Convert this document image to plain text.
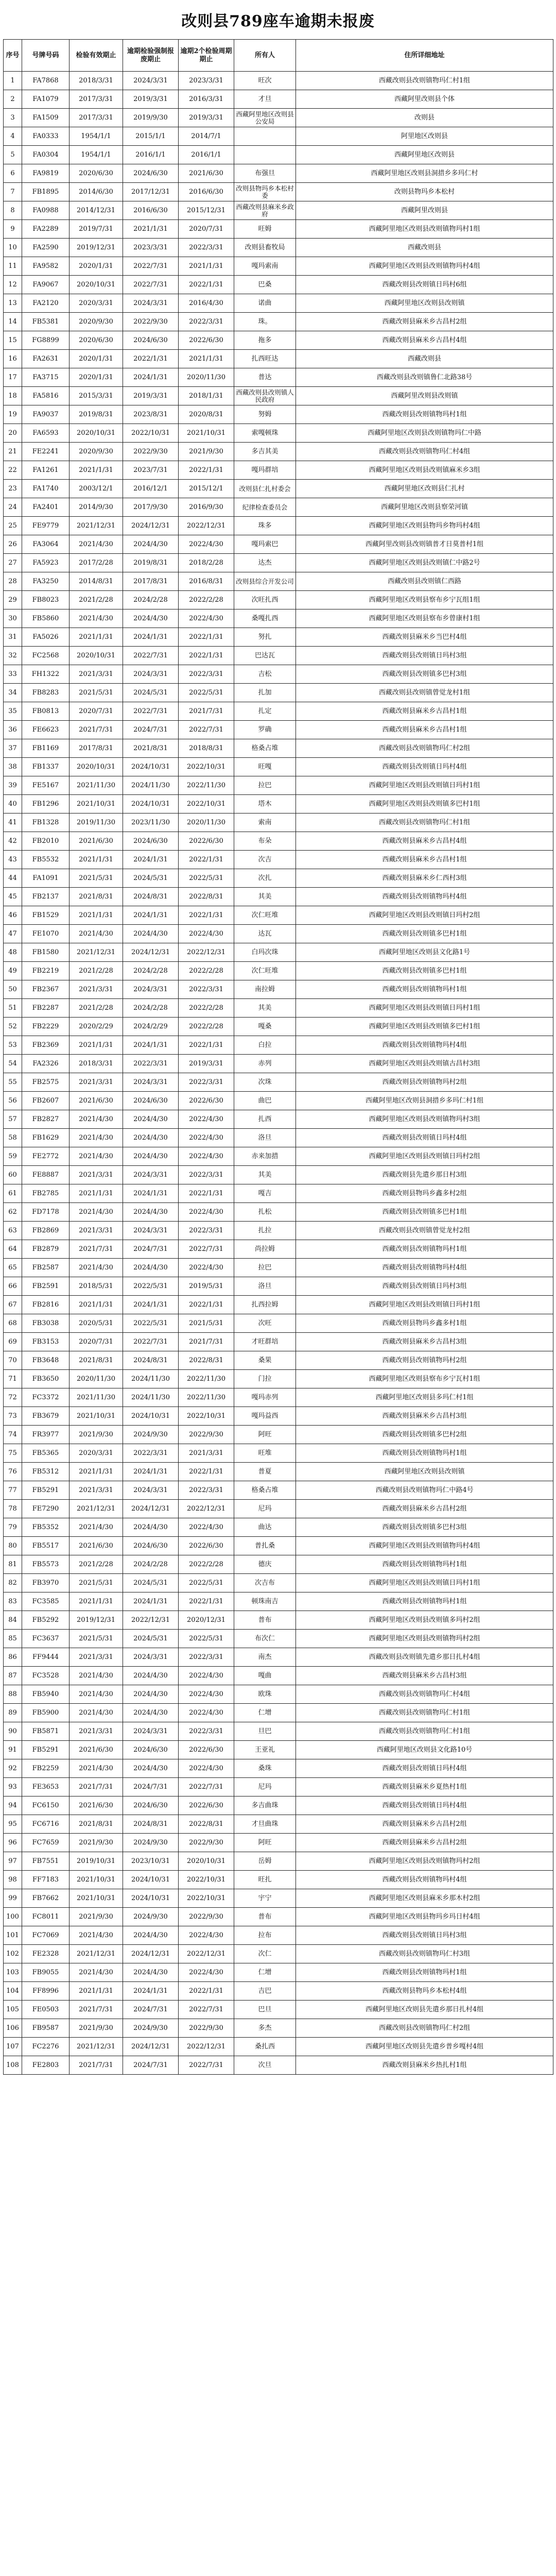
改则县789座车逾期未报废
序号	号牌号码	检验有效期止	逾期检验强制报废期止	逾期2个检验周期期止	所有人	住所详细地址
1	FA7868	2018/3/31	2024/3/31	2023/3/31	旺次	西藏改则县改则镇物玛仁村1组
2	FA1079	2017/3/31	2019/3/31	2016/3/31	才旦	西藏阿里改则县个体
3	FA1509	2017/3/31	2019/9/30	2019/3/31	西藏阿里地区改则县公安局	改则县
4	FA0333	1954/1/1	2015/1/1	2014/7/1		阿里地区改则县
5	FA0304	1954/1/1	2016/1/1	2016/1/1		西藏阿里地区改则县
6	FA9819	2020/6/30	2024/6/30	2021/6/30	布强旦	西藏阿里地区改则县洞措乡多玛仁村
7	FB1895	2014/6/30	2017/12/31	2016/6/30	改则县物玛乡本松村委	改则县物玛乡本松村
8	FA0988	2014/12/31	2016/6/30	2015/12/31	西藏改则县麻米乡政府	西藏阿里改则县
9	FA2289	2019/7/31	2021/1/31	2020/7/31	旺姆	西藏阿里地区改则县改则镇物玛村1组
10	FA2590	2019/12/31	2023/3/31	2022/3/31	改则县畜牧局	西藏改则县
11	FA9582	2020/1/31	2022/7/31	2021/1/31	嘎玛索南	西藏阿里地区改则县改则镇物玛村4组
12	FA9067	2020/10/31	2022/7/31	2022/1/31	巴桑	西藏改则县改则镇日玛村6组
13	FA2120	2020/3/31	2024/3/31	2016/4/30	诺曲	西藏阿里地区改则县改则镇
14	FB5381	2020/9/30	2022/9/30	2022/3/31	珠。	西藏改则县麻米乡古昌村2组
15	FG8899	2020/6/30	2024/6/30	2022/6/30	拖多	西藏改则县麻米乡古昌村4组
16	FA2631	2020/1/31	2022/1/31	2021/1/31	扎西旺达	西藏改则县
17	FA3715	2020/1/31	2024/1/31	2020/11/30	普达	西藏改则县改则镇鲁仁北路38号
18	FA5816	2015/3/31	2019/3/31	2018/1/31	西藏改则县改则镇人民政府	西藏阿里改则县改则镇
19	FA9037	2019/8/31	2023/8/31	2020/8/31	努姆	西藏改则县改则镇物玛村1组
20	FA6593	2020/10/31	2022/10/31	2021/10/31	索嘎顿珠	西藏阿里地区改则县改则镇物玛仁中路
21	FE2241	2020/9/30	2022/9/30	2021/9/30	多吉其美	西藏改则县改则镇物玛仁村4组
22	FA1261	2021/1/31	2023/7/31	2022/1/31	嘎玛群培	西藏阿里地区改则县改则镇麻米乡3组
23	FA1740	2003/12/1	2016/12/1	2015/12/1	改则县仁扎村委会	西藏阿里地区改则县仁扎村
24	FA2401	2014/9/30	2017/9/30	2016/9/30	纪律检查委员会	西藏阿里地区改则县察荣河镇
25	FE9779	2021/12/31	2024/12/31	2022/12/31	珠多	西藏阿里地区改则县物玛乡物玛村4组
26	FA3064	2021/4/30	2024/4/30	2022/4/30	嘎玛索巴	西藏阿里改则县改则镇普才日莫普村1组
27	FA5923	2017/2/28	2019/8/31	2018/2/28	达杰	西藏阿里地区改则县改则镇仁中路2号
28	FA3250	2014/8/31	2017/8/31	2016/8/31	改则县综合开发公司	西藏改则县改则镇仁西路
29	FB8023	2021/2/28	2024/2/28	2022/2/28	次旺扎西	西藏阿里地区改则县察布乡宁瓦组1组
30	FB5860	2021/4/30	2024/4/30	2022/4/30	桑嘎扎西	西藏阿里地区改则县察布乡曾康村1组
31	FA5026	2021/1/31	2024/1/31	2022/1/31	努扎	西藏改则县麻米乡当巴村4组
32	FC2568	2020/10/31	2022/7/31	2022/1/31	巴达瓦	西藏改则县改则镇日玛村3组
33	FH1322	2021/3/31	2024/3/31	2022/3/31	吉松	西藏改则县改则镇多巴村3组
34	FB8283	2021/5/31	2024/5/31	2022/5/31	扎加	西藏改则县改则镇曾觉龙村1组
35	FB0813	2020/7/31	2022/7/31	2021/7/31	扎定	西藏改则县麻米乡古昌村1组
36	FE6623	2021/7/31	2024/7/31	2022/7/31	罗确	西藏改则县麻米乡古昌村1组
37	FB1169	2017/8/31	2021/8/31	2018/8/31	格桑占堆	西藏改则县改则镇物玛仁村2组
38	FB1337	2020/10/31	2024/10/31	2022/10/31	旺嘎	西藏改则县改则镇日玛村4组
39	FE5167	2021/11/30	2024/11/30	2022/11/30	拉巴	西藏阿里地区改则县改则镇日玛村1组
40	FB1296	2021/10/31	2024/10/31	2022/10/31	塔木	西藏阿里地区改则县改则镇多巴村1组
41	FB1328	2019/11/30	2023/11/30	2020/11/30	索南	西藏改则县改则镇物玛仁村1组
42	FB2010	2021/6/30	2024/6/30	2022/6/30	布朵	西藏改则县麻米乡古昌村4组
43	FB5532	2021/1/31	2024/1/31	2022/1/31	次吉	西藏改则县麻米乡古昌村1组
44	FA1091	2021/5/31	2024/5/31	2022/5/31	次扎	西藏改则县麻米乡仁西村3组
45	FB2137	2021/8/31	2024/8/31	2022/8/31	其美	西藏改则县改则镇物玛村4组
46	FB1529	2021/1/31	2024/1/31	2022/1/31	次仁旺堆	西藏阿里地区改则县改则镇日玛村2组
47	FE1070	2021/4/30	2024/4/30	2022/4/30	达瓦	西藏改则县改则镇多巴村1组
48	FB1580	2021/12/31	2024/12/31	2022/12/31	白玛次珠	西藏阿里地区改则县文化路1号
49	FB2219	2021/2/28	2024/2/28	2022/2/28	次仁旺堆	西藏改则县改则镇多巴村1组
50	FB2367	2021/3/31	2024/3/31	2022/3/31	南拉姆	西藏改则县改则镇物玛村1组
51	FB2287	2021/2/28	2024/2/28	2022/2/28	其美	西藏阿里地区改则县改则镇日玛村1组
52	FB2229	2020/2/29	2024/2/29	2022/2/28	嘎桑	西藏阿里地区改则县改则镇多巴村1组
53	FB2369	2021/1/31	2024/1/31	2022/1/31	白拉	西藏改则县改则镇物玛村4组
54	FA2326	2018/3/31	2022/3/31	2019/3/31	赤列	西藏阿里地区改则县改则镇古昌村3组
55	FB2575	2021/3/31	2024/3/31	2022/3/31	次珠	西藏改则县改则镇物玛村2组
56	FB2607	2021/6/30	2024/6/30	2022/6/30	曲巴	西藏阿里地区改则县洞措乡多玛仁村1组
57	FB2827	2021/4/30	2024/4/30	2022/4/30	扎西	西藏阿里地区改则县改则镇物玛村3组
58	FB1629	2021/4/30	2024/4/30	2022/4/30	洛旦	西藏改则县改则镇日玛村4组
59	FE2772	2021/4/30	2024/4/30	2022/4/30	赤来加措	西藏阿里地区改则县改则镇日玛村2组
60	FE8887	2021/3/31	2024/3/31	2022/3/31	其美	西藏改则县先遣乡那日村3组
61	FB2785	2021/1/31	2024/1/31	2022/1/31	嘎吉	西藏改则县物玛乡鑫多村2组
62	FD7178	2021/4/30	2024/4/30	2022/4/30	扎松	西藏改则县改则镇多巴村1组
63	FB2869	2021/3/31	2024/3/31	2022/3/31	扎拉	西藏改则县改则镇曾觉龙村2组
64	FB2879	2021/7/31	2024/7/31	2022/7/31	尚拉姆	西藏改则县改则镇物玛村1组
65	FB2587	2021/4/30	2024/4/30	2022/4/30	拉巴	西藏改则县改则镇物玛村4组
66	FB2591	2018/5/31	2022/5/31	2019/5/31	洛旦	西藏改则县改则镇日玛村3组
67	FB2816	2021/1/31	2024/1/31	2022/1/31	扎西拉姆	西藏阿里地区改则县改则镇日玛村1组
68	FB3038	2020/5/31	2022/5/31	2021/5/31	次旺	西藏改则县物玛乡鑫多村1组
69	FB3153	2020/7/31	2022/7/31	2021/7/31	才旺群培	西藏改则县麻米乡古昌村3组
70	FB3648	2021/8/31	2024/8/31	2022/8/31	桑果	西藏改则县改则镇物玛村2组
71	FB3650	2020/11/30	2024/11/30	2022/11/30	门拉	西藏阿里地区改则县察布乡宁瓦村1组
72	FC3372	2021/11/30	2024/11/30	2022/11/30	嘎玛赤列	西藏阿里地区改则县多玛仁村1组
73	FB3679	2021/10/31	2024/10/31	2022/10/31	嘎玛益西	西藏改则县麻米乡古昌村3组
74	FR3977	2021/9/30	2024/9/30	2022/9/30	阿旺	西藏改则县改则镇多巴村2组
75	FB5365	2020/3/31	2022/3/31	2021/3/31	旺堆	西藏改则县改则镇物玛村1组
76	FB5312	2021/1/31	2024/1/31	2022/1/31	普夏	西藏阿里地区改则县改则镇
77	FB5291	2021/3/31	2024/3/31	2022/3/31	格桑占堆	西藏改则县改则镇物玛仁中路4号
78	FE7290	2021/12/31	2024/12/31	2022/12/31	尼玛	西藏改则县麻米乡古昌村2组
79	FB5352	2021/4/30	2024/4/30	2022/4/30	曲达	西藏改则县改则镇多巴村3组
80	FB5517	2021/6/30	2024/6/30	2022/6/30	普扎桑	西藏阿里地区改则县改则镇物玛村4组
81	FB5573	2021/2/28	2024/2/28	2022/2/28	德庆	西藏改则县改则镇物玛村1组
82	FB3970	2021/5/31	2024/5/31	2022/5/31	次吉布	西藏阿里地区改则县改则镇日玛村1组
83	FC3585	2021/1/31	2024/1/31	2022/1/31	顿珠南吉	西藏改则县改则镇物玛村1组
84	FB5292	2019/12/31	2022/12/31	2020/12/31	普布	西藏阿里地区改则县改则镇多玛村2组
85	FC3637	2021/5/31	2024/5/31	2022/5/31	布次仁	西藏阿里地区改则县改则镇物玛村2组
86	FF9444	2021/3/31	2024/3/31	2022/3/31	南杰	西藏改则县改则镇先遣乡那日扎村4组
87	FC3528	2021/4/30	2024/4/30	2022/4/30	嘎曲	西藏改则县麻米乡古昌村3组
88	FB5940	2021/4/30	2024/4/30	2022/4/30	欧珠	西藏改则县改则镇物玛仁村4组
89	FB5900	2021/4/30	2024/4/30	2022/4/30	仁增	西藏改则县改则镇物玛仁村1组
90	FB5871	2021/3/31	2024/3/31	2022/3/31	旦巴	西藏改则县改则镇物玛仁村1组
91	FB5291	2021/6/30	2024/6/30	2022/6/30	王亚礼	西藏阿里地区改则县文化路10号
92	FB2259	2021/4/30	2024/4/30	2022/4/30	桑珠	西藏改则县改则镇日玛村4组
93	FE3653	2021/7/31	2024/7/31	2022/7/31	尼玛	西藏改则县麻米乡夏热村1组
94	FC6150	2021/6/30	2024/6/30	2022/6/30	多吉曲珠	西藏改则县改则镇日玛村4组
95	FC6716	2021/8/31	2024/8/31	2022/8/31	才旦曲珠	西藏改则县麻米乡古昌村2组
96	FC7659	2021/9/30	2024/9/30	2022/9/30	阿旺	西藏改则县麻米乡古昌村2组
97	FB7551	2019/10/31	2023/10/31	2020/10/31	岳姆	西藏阿里地区改则县改则镇物玛村2组
98	FF7183	2021/10/31	2024/10/31	2022/10/31	旺扎	西藏改则县改则镇物玛村4组
99	FB7662	2021/10/31	2024/10/31	2022/10/31	宇宁	西藏阿里地区改则县麻米乡那木村2组
100	FC8011	2021/9/30	2024/9/30	2022/9/30	普布	西藏阿里地区改则县物玛乡玛日村4组
101	FC7069	2021/4/30	2024/4/30	2022/4/30	拉布	西藏改则县改则镇日玛村3组
102	FE2328	2021/12/31	2024/12/31	2022/12/31	次仁	西藏改则县改则镇物玛仁村3组
103	FB9055	2021/4/30	2024/4/30	2022/4/30	仁增	西藏改则县改则镇物玛村1组
104	FF8996	2021/1/31	2024/1/31	2022/1/31	吉巴	西藏改则县物玛乡本松村4组
105	FE0503	2021/7/31	2024/7/31	2022/7/31	巴旦	西藏阿里地区改则县先遣乡那日扎村4组
106	FB9587	2021/9/30	2024/9/30	2022/9/30	多杰	西藏改则县改则镇物玛仁村2组
107	FC2276	2021/12/31	2024/12/31	2022/12/31	桑扎西	西藏阿里地区改则县先遣乡普乡嘎村4组
108	FE2803	2021/7/31	2024/7/31	2022/7/31	次旦	西藏改则县麻米乡热扎村1组
